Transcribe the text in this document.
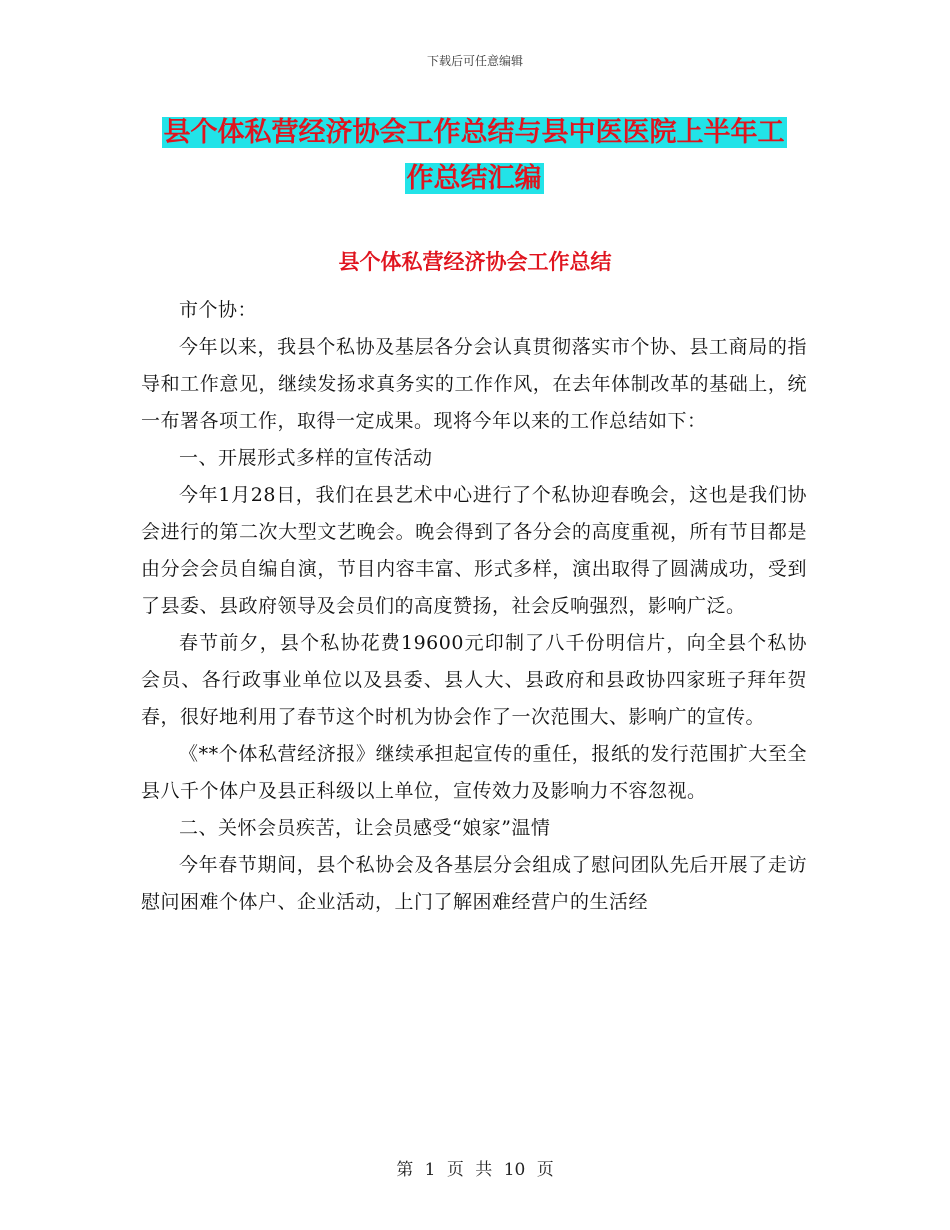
下载后可任意编辑
县个体私营经济协会工作总结与县中医医院上半年工
作总结汇编
县个体私营经济协会工作总结

市个协：

今年以来，我县个私协及基层各分会认真贯彻落实市个协、县工商局的指导和工作意见，继续发扬求真务实的工作作风，在去年体制改革的基础上，统一布署各项工作，取得一定成果。现将今年以来的工作总结如下：

一、开展形式多样的宣传活动

今年1月28日，我们在县艺术中心进行了个私协迎春晚会，这也是我们协会进行的第二次大型文艺晚会。晚会得到了各分会的高度重视，所有节目都是由分会会员自编自演，节目内容丰富、形式多样，演出取得了圆满成功，受到了县委、县政府领导及会员们的高度赞扬，社会反响强烈，影响广泛。

春节前夕，县个私协花费19600元印制了八千份明信片，向全县个私协会员、各行政事业单位以及县委、县人大、县政府和县政协四家班子拜年贺春，很好地利用了春节这个时机为协会作了一次范围大、影响广的宣传。

《**个体私营经济报》继续承担起宣传的重任，报纸的发行范围扩大至全县八千个体户及县正科级以上单位，宣传效力及影响力不容忽视。

二、关怀会员疾苦，让会员感受“娘家”温情

今年春节期间，县个私协会及各基层分会组成了慰问团队先后开展了走访慰问困难个体户、企业活动，上门了解困难经营户的生活经

第 1 页 共 10 页
